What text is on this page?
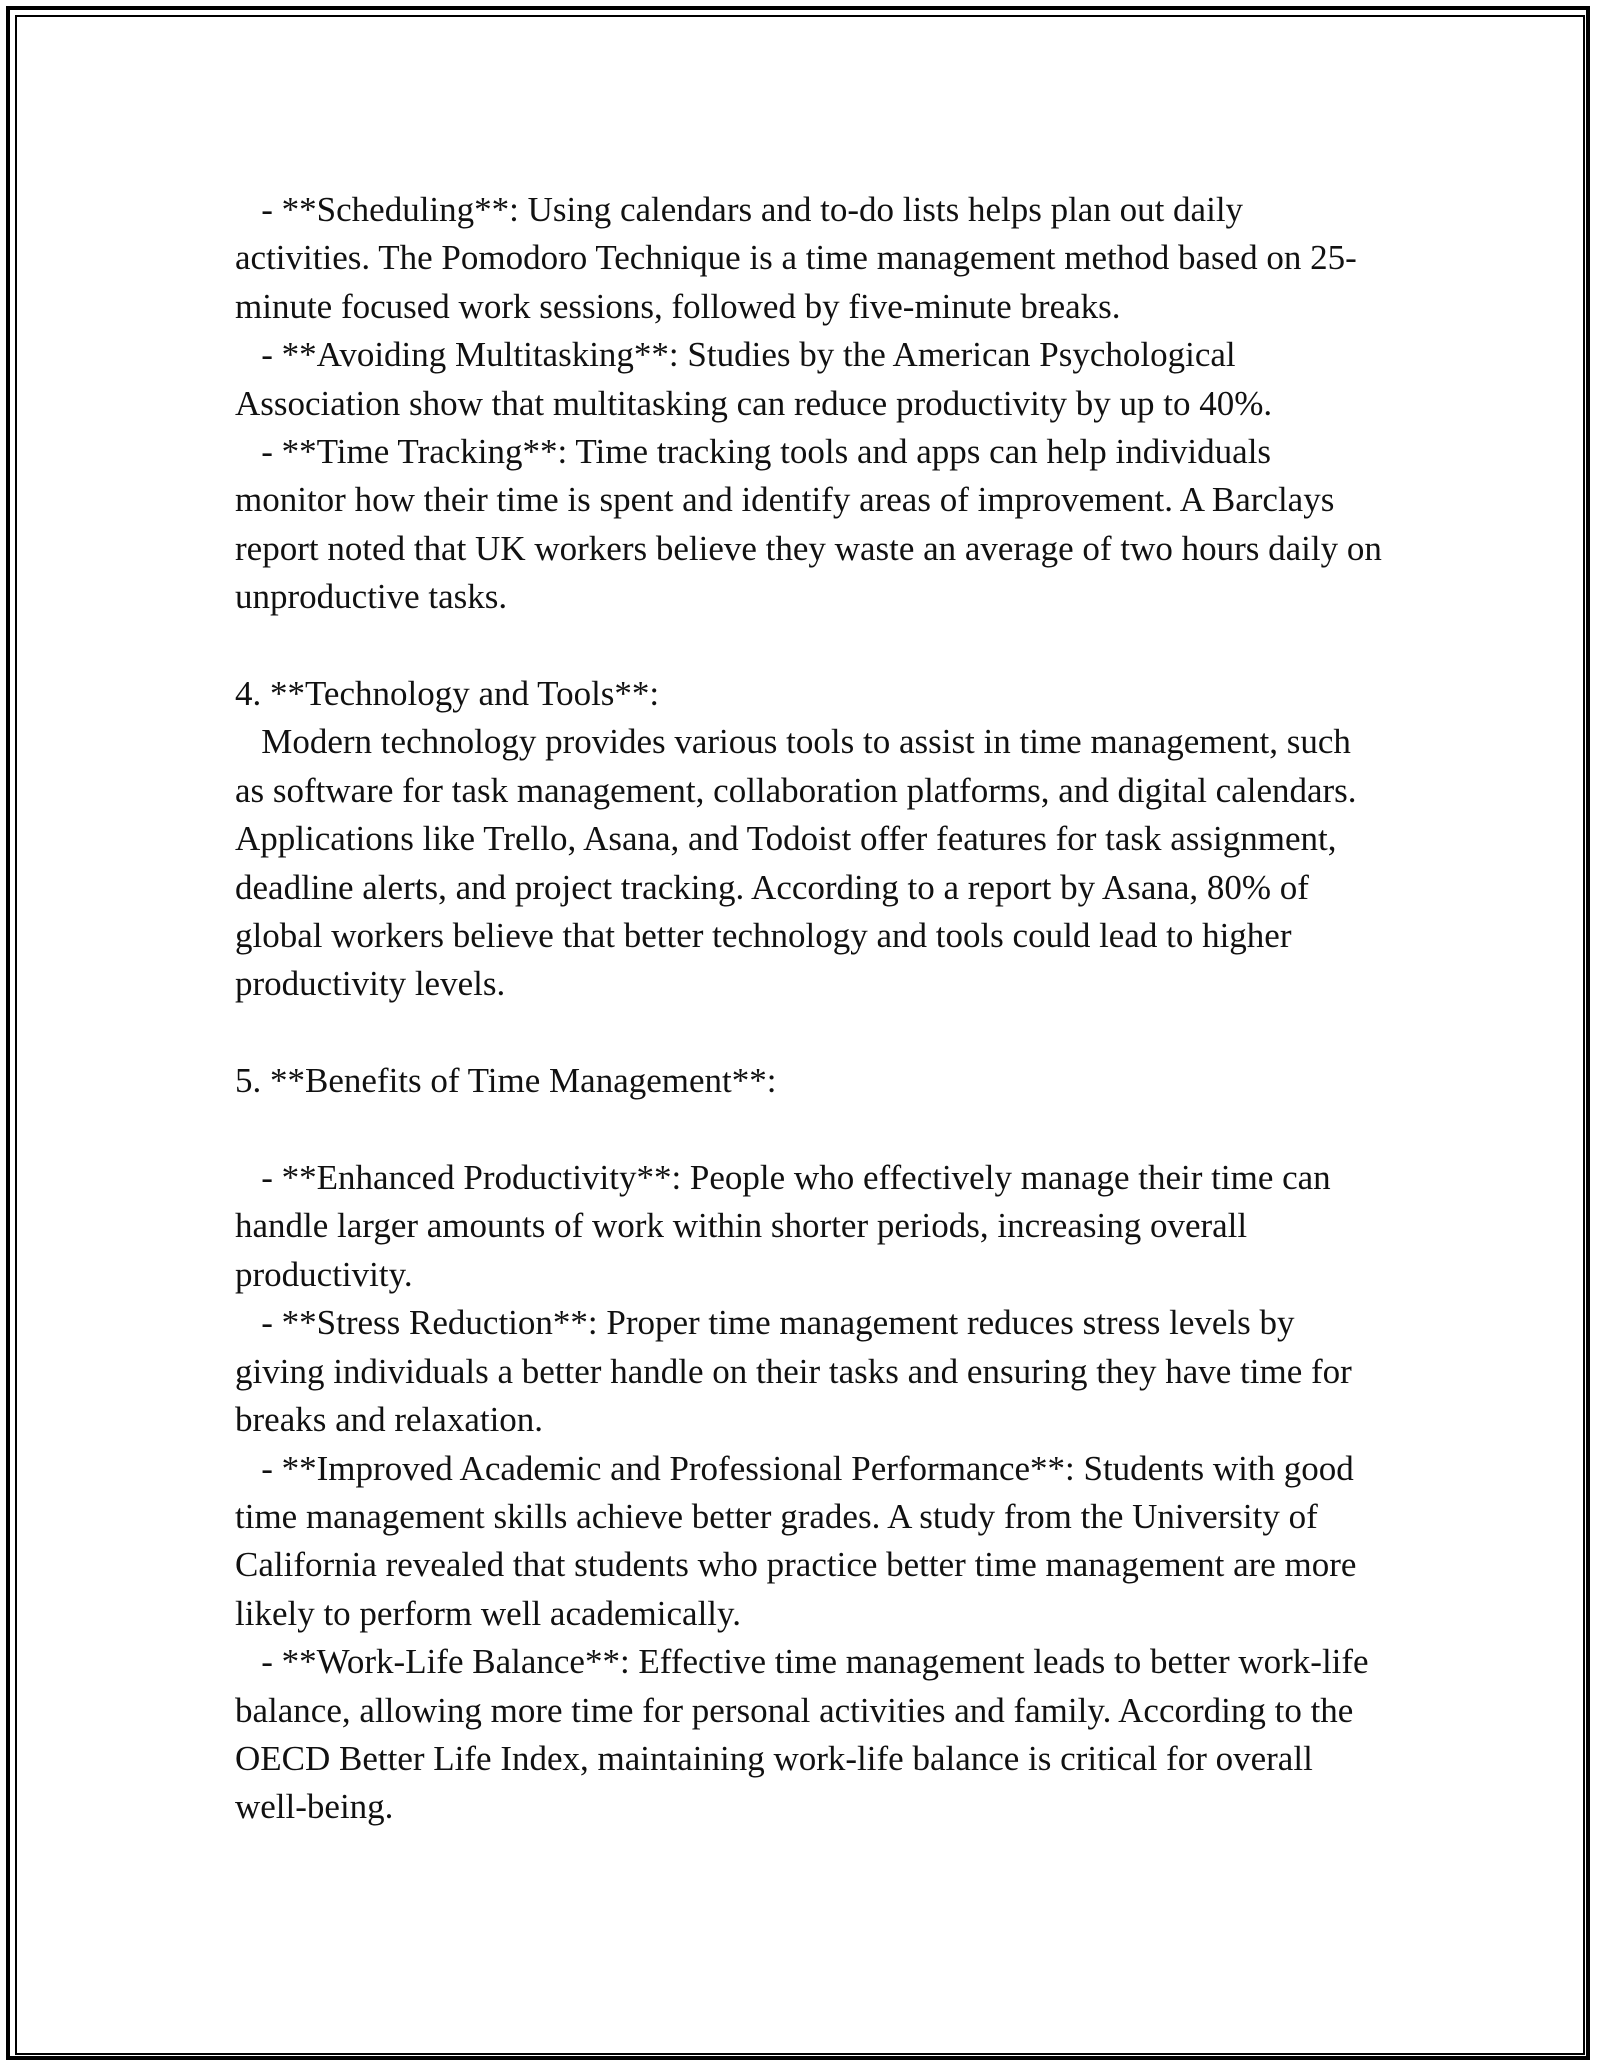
- **Scheduling**: Using calendars and to-do lists helps plan out daily activities. The Pomodoro Technique is a time management method based on 25-minute focused work sessions, followed by five-minute breaks.

- **Avoiding Multitasking**: Studies by the American Psychological Association show that multitasking can reduce productivity by up to 40%.

- **Time Tracking**: Time tracking tools and apps can help individuals monitor how their time is spent and identify areas of improvement. A Barclays report noted that UK workers believe they waste an average of two hours daily on unproductive tasks.

4. **Technology and Tools**:

Modern technology provides various tools to assist in time management, such as software for task management, collaboration platforms, and digital calendars. Applications like Trello, Asana, and Todoist offer features for task assignment, deadline alerts, and project tracking. According to a report by Asana, 80% of global workers believe that better technology and tools could lead to higher productivity levels.

5. **Benefits of Time Management**:

- **Enhanced Productivity**: People who effectively manage their time can handle larger amounts of work within shorter periods, increasing overall productivity.

- **Stress Reduction**: Proper time management reduces stress levels by giving individuals a better handle on their tasks and ensuring they have time for breaks and relaxation.

- **Improved Academic and Professional Performance**: Students with good time management skills achieve better grades. A study from the University of California revealed that students who practice better time management are more likely to perform well academically.

- **Work-Life Balance**: Effective time management leads to better work-life balance, allowing more time for personal activities and family. According to the OECD Better Life Index, maintaining work-life balance is critical for overall well-being.
